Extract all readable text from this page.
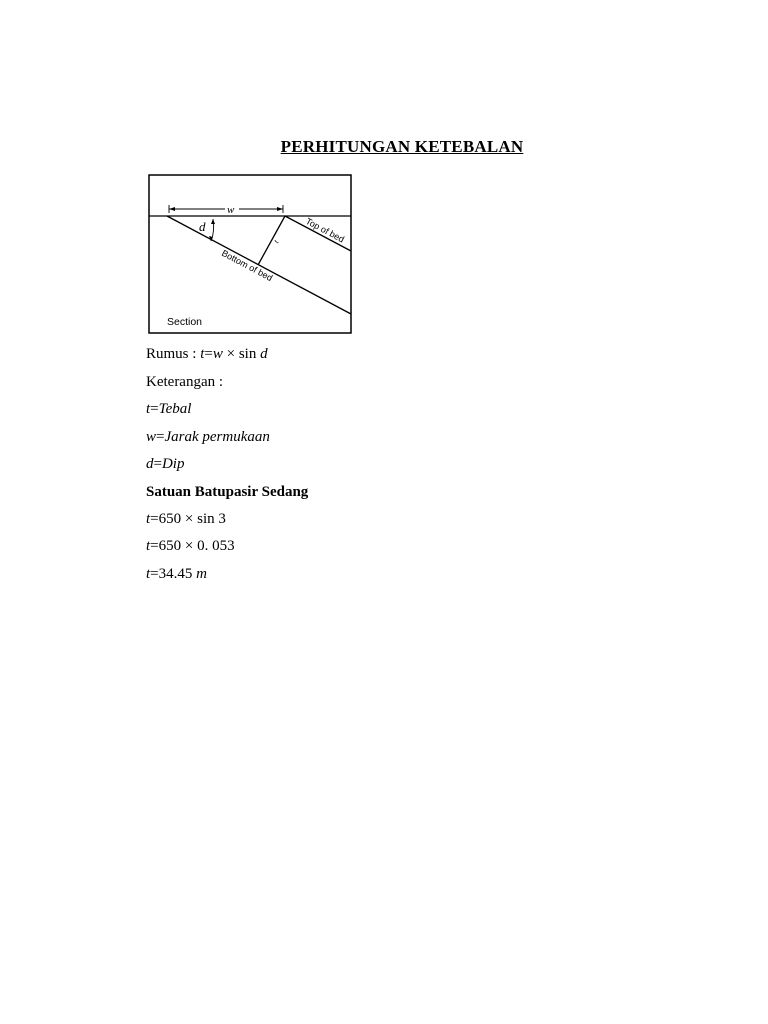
PERHITUNGAN KETEBALAN
w
d
t	Top of bed
Bottom of bed
Section
Rumus : t=w × sin d
Keterangan :
t=Tebal
w=Jarak permukaan
d=Dip
Satuan Batupasir Sedang
t=650 × sin 3
t=650 × 0. 053
t=34.45 m
